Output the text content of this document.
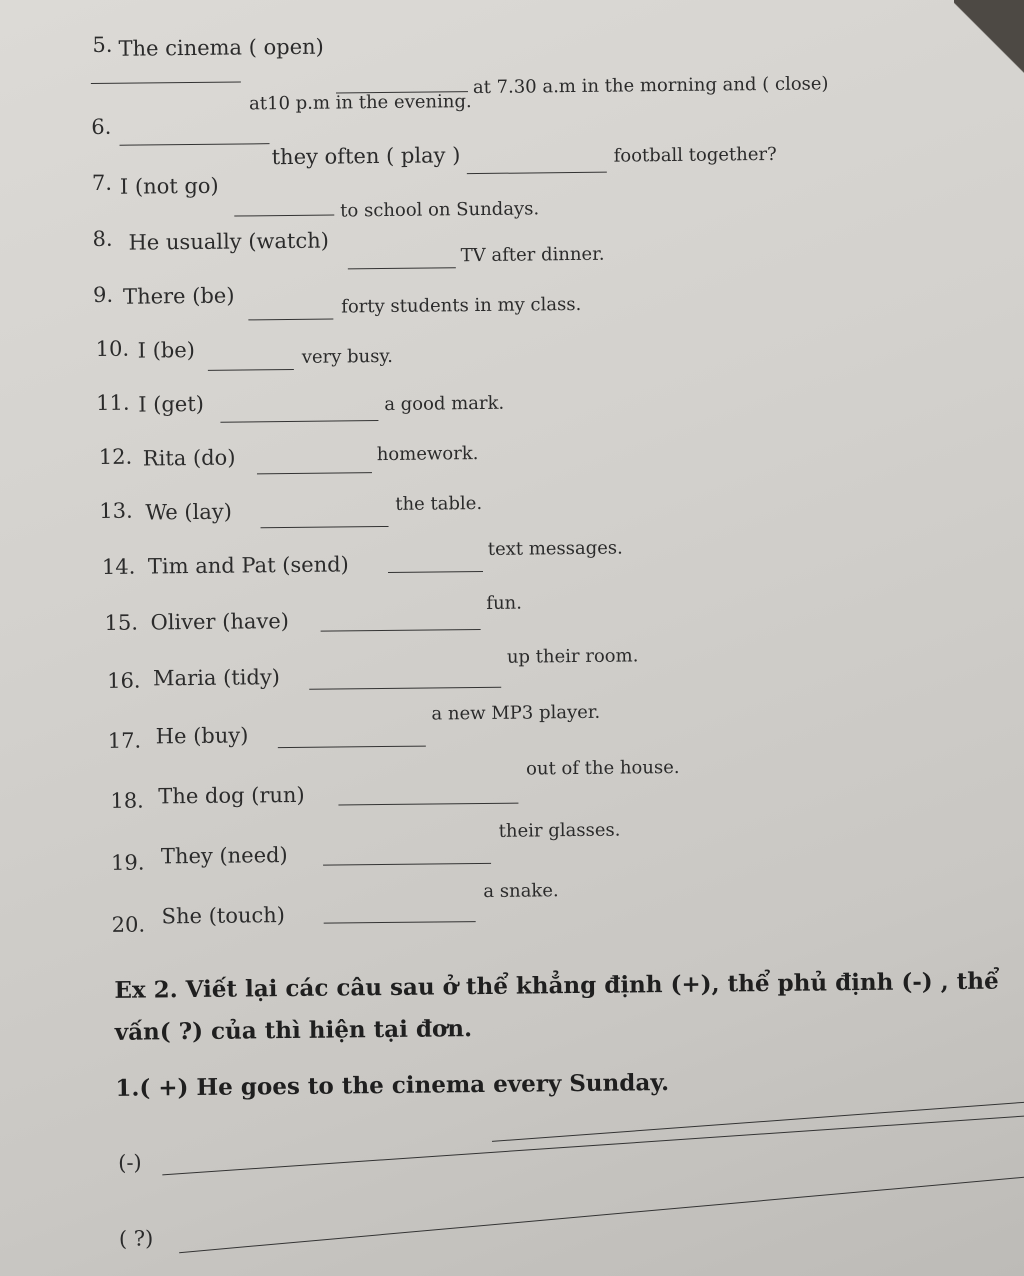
5. The cinema ( open)
at 7.30 a.m in the morning and ( close)
at10 p.m in the evening.
6.
they often ( play )	football together?
7. I (not go)
to school on Sundays.
8. He usually (watch)
TV after dinner.
9. There (be)	forty students in my class.
10. I (be)	very busy.
11. I (get)	a good mark.
12. Rita (do)	homework.
13. We (lay)	the table.
14. Tim and Pat (send)
text messages.
15. Oliver (have)
fun.
16. Maria (tidy)
up their room.
17. He (buy)
a new MP3 player.
18. The dog (run)
out of the house.
19. They (need)
their glasses.
20. She (touch)
a snake.
Ex 2. Viết lại các câu sau ở thể khẳng định (+), thể phủ định (-) , thể
vấn( ?) của thì hiện tại đơn.
1.( +) He goes to the cinema every Sunday.
(-)
( ?)
